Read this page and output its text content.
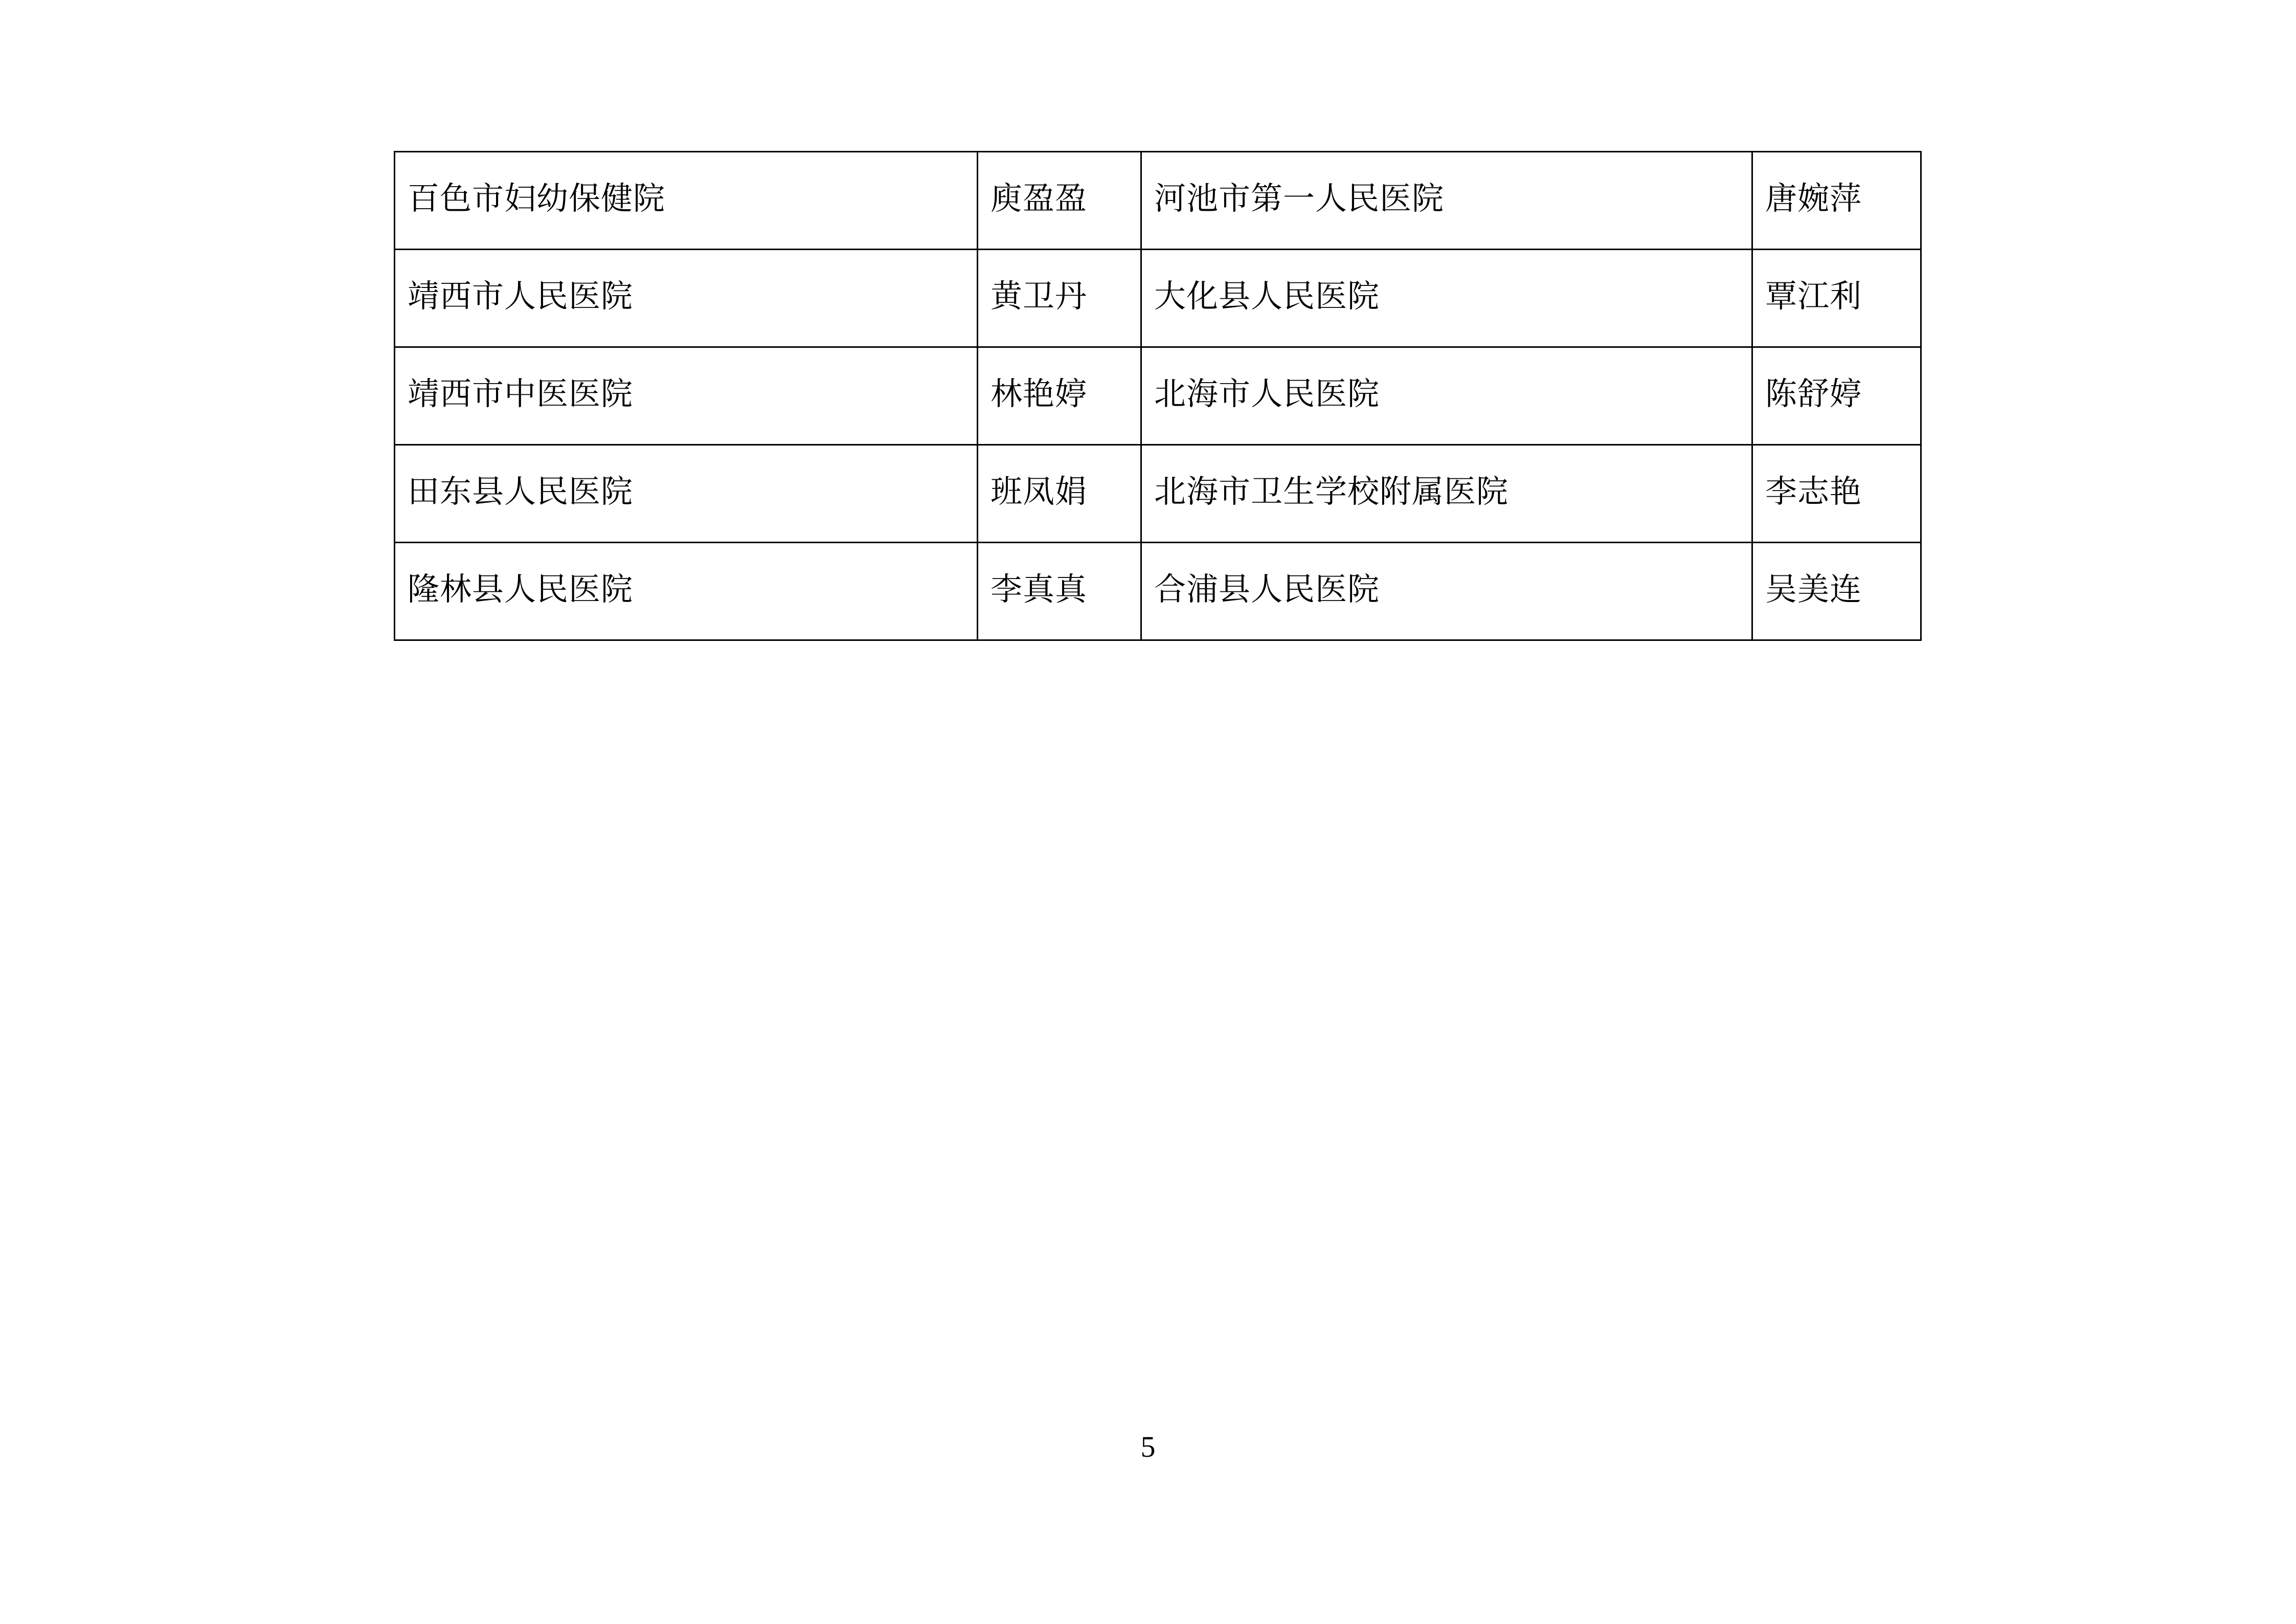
百色市妇幼保健院	庾盈盈	河池市第一人民医院	唐婉萍
靖西市人民医院	黄卫丹	大化县人民医院	覃江利
靖西市中医医院	林艳婷	北海市人民医院	陈舒婷
田东县人民医院	班凤娟	北海市卫生学校附属医院	李志艳
隆林县人民医院	李真真	合浦县人民医院	吴美连
5
